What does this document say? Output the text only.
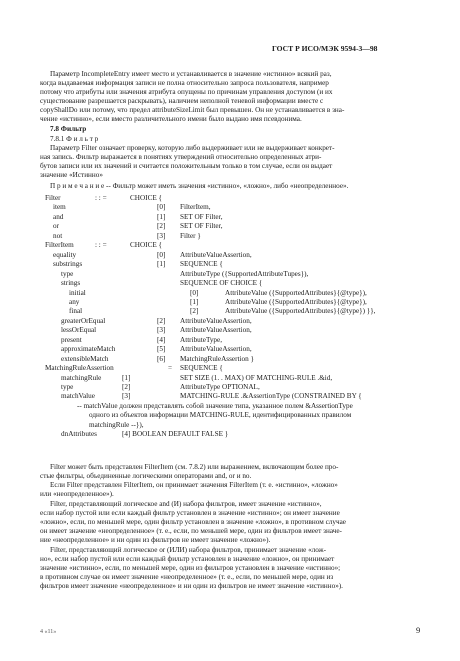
ГОСТ Р ИСО/МЭК 9594-3—98
Параметр IncompleteEntry имеет место и устанавливается в значение «истинно» всякий раз,
когда выдаваемая информация записи не полна относительно запроса пользователя, например
потому что атрибуты или значения атрибута опущены по причинам управления доступом (и их
существование разрешается раскрывать), наличием неполной теневой информации вместе с
copyShallDo или потому, что предел attributeSizeLimit был превышен. Он не устанавливается в зна-
чение «истинно», если вместо различительного имени было выдано имя псевдонима.
7.8 Фильтр
7.8.1 Ф и л ь т р
Параметр Filter означает проверку, которую либо выдерживает или не выдерживает конкрет-
ная запись. Фильтр выражается в понятиях утверждений относительно определенных атри-
бутов записи или их значений и считается положительным только в том случае, если он выдает
значение «Истинно»
П р и м е ч а н и е -- Фильтр может иметь значения «истинно», «ложно», либо «неопределенное».
Filter	: : =	CHOICE {
item	[0] FilterItem,
and	[1] SET OF Filter,
or	[2] SET OF Filter,
not	[3] Filter }
FilterItem	: : =	CHOICE {
equality	[0] AttributeValueAssertion,
substrings	[1] SEQUENCE {
type	AttributeType ({SupportedAttributeTupes}),
strings	SEQUENCE OF CHOICE {
initial	[0]	AttributeValue ({SupportedAttributes}{@type}),
any	[1]	AttributeValue ({SupportedAttributes}{@type}),
final	[2]	AttributeValue ({SupportedAttributes}{@type}) }},
greaterOrEqual	[2] AttributeValueAssertion,
lessOrEqual	[3] AttributeValueAssertion,
present	[4] AttributeType,
approximateMatch	[5] AttributeValueAssertion,
extensibleMatch	[6] MatchingRuleAssertion }
MatchingRuleAssertion	= SEQUENCE {
matchingRule	[1]	SET SIZE (1. . MAX) OF MATCHING-RULE .&id,
type	[2]	AttributeType OPTIONAL,
matchValue	[3]	MATCHING-RULE .&AssertionType (CONSTRAINED BY {
-- matchValue должен представлять собой значение типа, указанное полем &AssertionType
одного из объектов информации MATCHING-RULE, идентифицированных правилом
matchingRule --}),
dnAttributes	[4] BOOLEAN DEFAULT FALSE }
Filter может быть представлен FilterItem (см. 7.8.2) или выражением, включающим более про-
стые фильтры, объединенные логическими операторами and, or и no.
Если Filter представлен FilterItem, он принимает значения FilterItem (т. е. «истинно», «ложно»
или «неопределенное»).
Filter, представляющий логическое and (И) набора фильтров, имеет значение «истинно»,
если набор пустой или если каждый фильтр установлен в значение «истинно»; он имеет значение
«ложно», если, по меньшей мере, один фильтр установлен в значение «ложно», в противном случае
он имеет значение «неопределенное» (т. е., если, по меньшей мере, один из фильтров имеет значе-
ние «неопределенное» и ни один из фильтров не имеет значение «ложно»).
Filter, представляющий логическое or (ИЛИ) набора фильтров, принимает значение «лож-
но», если набор пустой или если каждый фильтр установлен в значение «ложно», он принимает
значение «истинно», если, по меньшей мере, один из фильтров установлен в значение «истинно»;
в противном случае он имеет значение «неопределенное» (т. е., если, по меньшей мере, один из
фильтров имеет значение «неопределенное» и ни один из фильтров не имеет значение «истинно»).
4 «11»	9
